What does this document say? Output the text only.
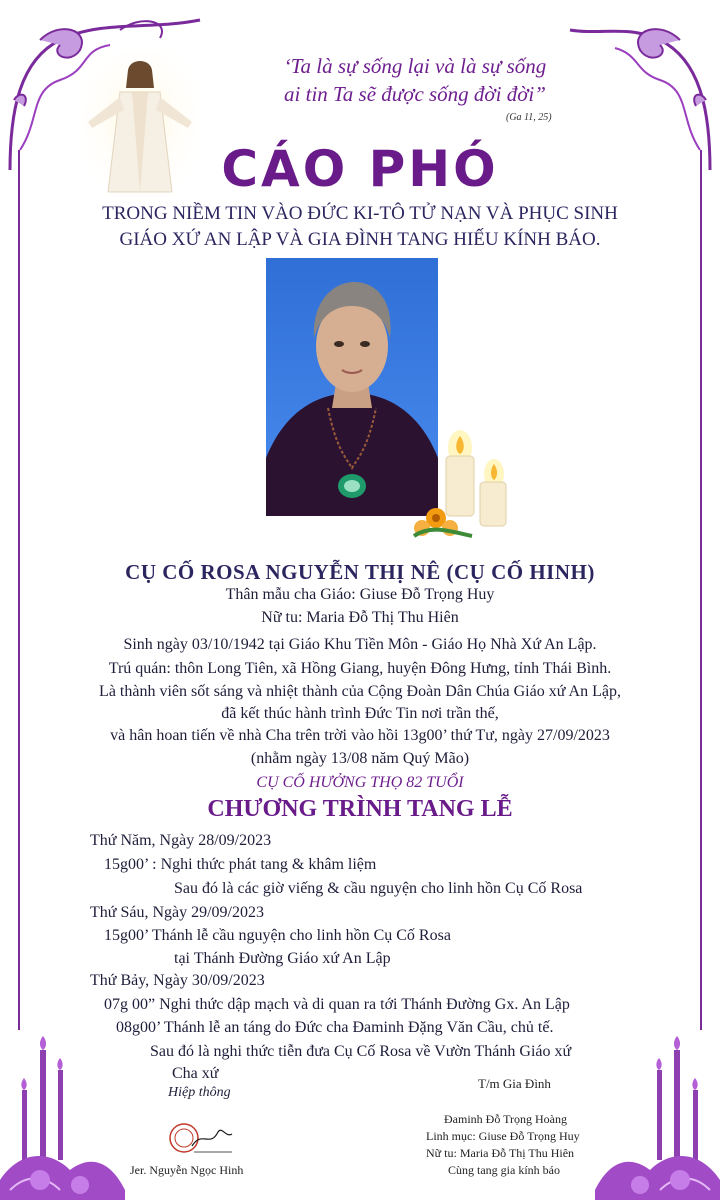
‘Ta là sự sống lại và là sự sống
ai tin Ta sẽ được sống đời đời”
(Ga 11, 25)
CÁO PHÓ
TRONG NIỀM TIN VÀO ĐỨC KI-TÔ TỬ NẠN VÀ PHỤC SINH
GIÁO XỨ AN LẬP VÀ GIA ĐÌNH TANG HIẾU KÍNH BÁO.
CỤ CỐ ROSA NGUYỄN THỊ NÊ (CỤ CỐ HINH)
Thân mẫu cha Giáo: Giuse Đỗ Trọng Huy
Nữ tu: Maria Đỗ Thị Thu Hiên
Sinh ngày 03/10/1942 tại Giáo Khu Tiền Môn - Giáo Họ Nhà Xứ An Lập.
Trú quán: thôn Long Tiên, xã Hồng Giang, huyện Đông Hưng, tỉnh Thái Bình.
Là thành viên sốt sáng và nhiệt thành của Cộng Đoàn Dân Chúa Giáo xứ An Lập,
đã kết thúc hành trình Đức Tin nơi trần thế,
và hân hoan tiến về nhà Cha trên trời vào hồi 13g00’ thứ Tư, ngày 27/09/2023
(nhằm ngày 13/08 năm Quý Mão)
CỤ CỐ HƯỞNG THỌ 82 TUỔI
CHƯƠNG TRÌNH TANG LỄ
Thứ Năm, Ngày 28/09/2023
15g00’ : Nghi thức phát tang & khâm liệm
Sau đó là các giờ viếng & cầu nguyện cho linh hồn Cụ Cố Rosa
Thứ Sáu, Ngày 29/09/2023
15g00’ Thánh lễ cầu nguyện cho linh hồn Cụ Cố Rosa
tại Thánh Đường Giáo xứ An Lập
Thứ Bảy, Ngày 30/09/2023
07g 00” Nghi thức dập mạch và di quan ra tới Thánh Đường Gx. An Lập
08g00’ Thánh lễ an táng do Đức cha Đaminh Đặng Văn Cầu, chủ tế.
Sau đó là nghi thức tiễn đưa Cụ Cố Rosa về Vườn Thánh Giáo xứ
Cha xứ
Hiệp thông
Jer. Nguyễn Ngọc Hinh
T/m Gia Đình
Đaminh Đỗ Trọng Hoàng
Linh mục: Giuse Đỗ Trọng Huy
Nữ tu: Maria Đỗ Thị Thu Hiên
Cùng tang gia kính báo
